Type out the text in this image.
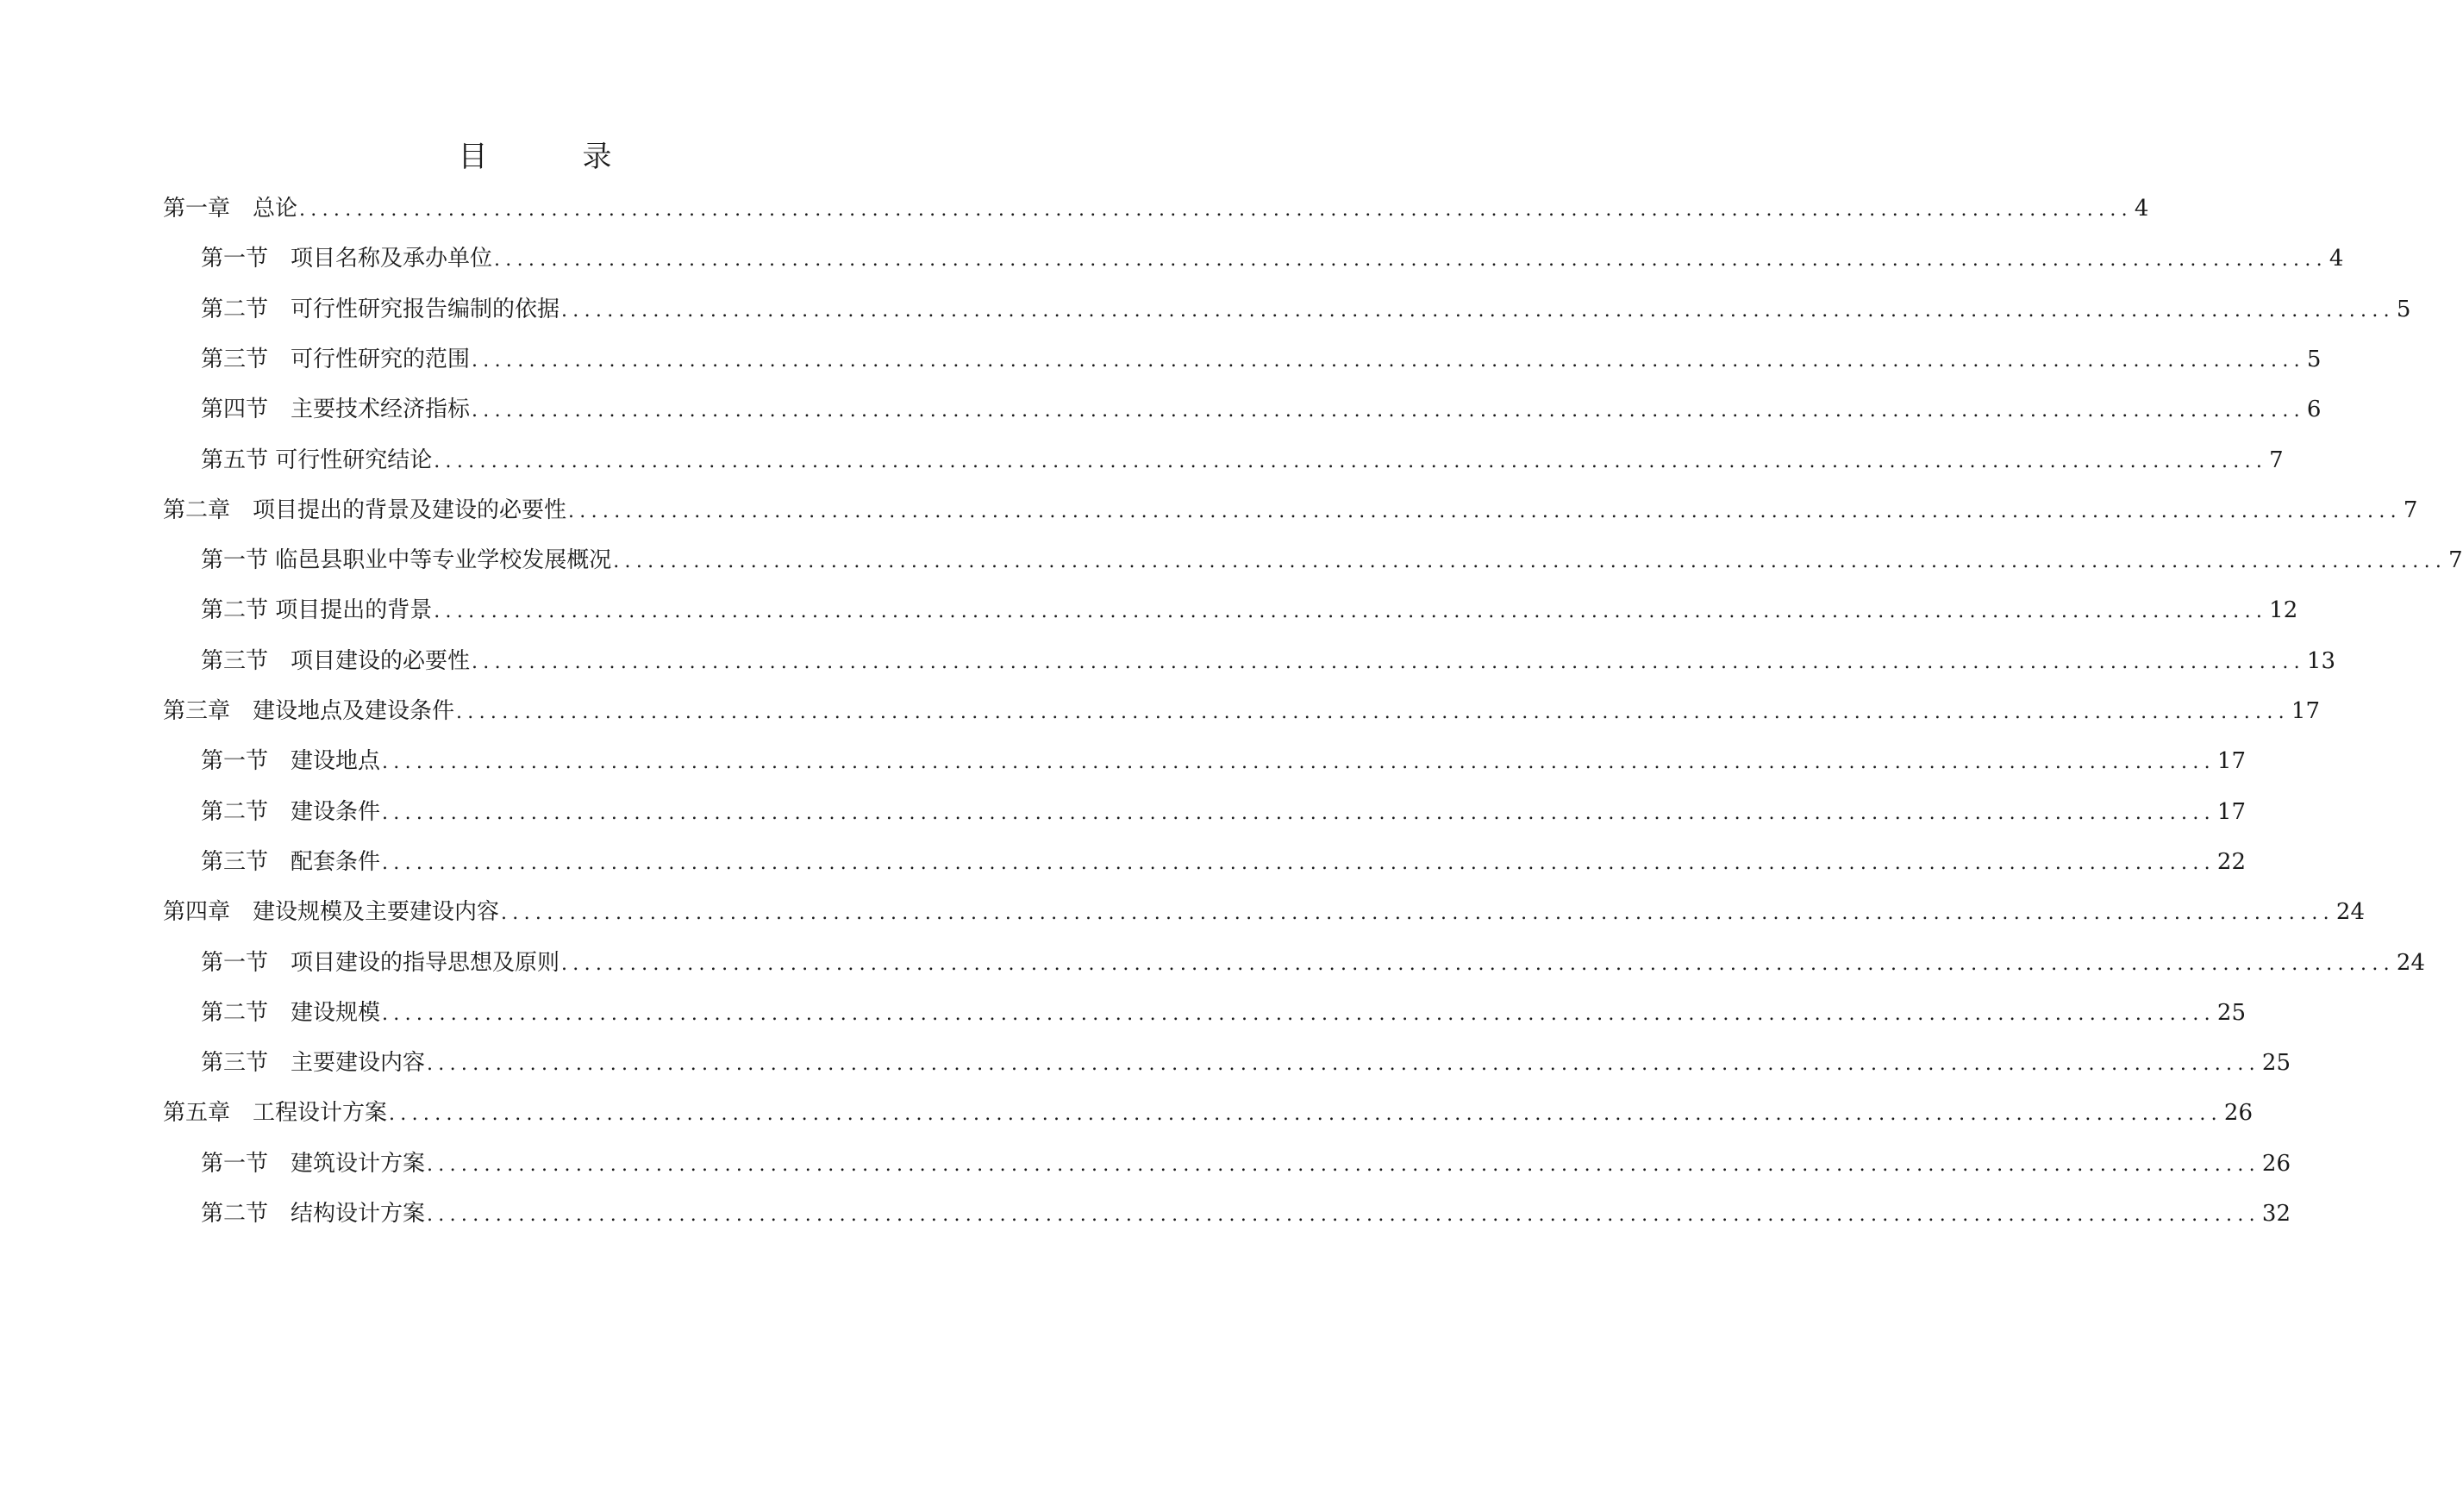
目　录
第一章　总论 ................................................................................................................................................................ 4
第一节　项目名称及承办单位 ................................................................................................................................................................ 4
第二节　可行性研究报告编制的依据 ................................................................................................................................................................ 5
第三节　可行性研究的范围 ................................................................................................................................................................ 5
第四节　主要技术经济指标 ................................................................................................................................................................ 6
第五节 可行性研究结论 ................................................................................................................................................................ 7
第二章　项目提出的背景及建设的必要性 ................................................................................................................................................................ 7
第一节 临邑县职业中等专业学校发展概况 ................................................................................................................................................................ 7
第二节 项目提出的背景 ................................................................................................................................................................ 12
第三节　项目建设的必要性 ................................................................................................................................................................ 13
第三章　建设地点及建设条件 ................................................................................................................................................................ 17
第一节　建设地点 ................................................................................................................................................................ 17
第二节　建设条件 ................................................................................................................................................................ 17
第三节　配套条件 ................................................................................................................................................................ 22
第四章　建设规模及主要建设内容 ................................................................................................................................................................ 24
第一节　项目建设的指导思想及原则 ................................................................................................................................................................ 24
第二节　建设规模 ................................................................................................................................................................ 25
第三节　主要建设内容 ................................................................................................................................................................ 25
第五章　工程设计方案 ................................................................................................................................................................ 26
第一节　建筑设计方案 ................................................................................................................................................................ 26
第二节　结构设计方案 ................................................................................................................................................................ 32
